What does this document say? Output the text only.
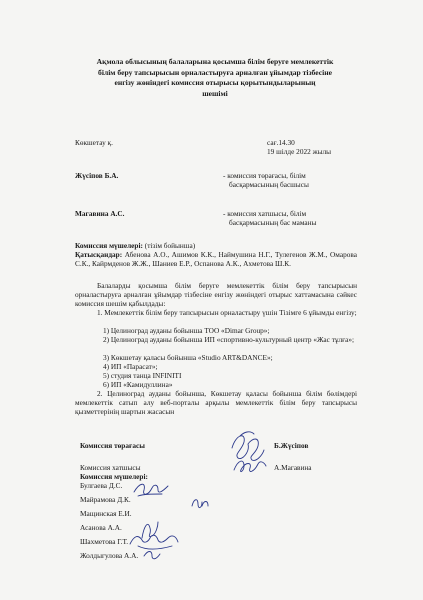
Ақмола облысының балаларына қосымша білім беруге мемлекеттік
білім беру тапсырысын орналастыруға арналған ұйымдар тізбесіне
енгізу жөніндегі комиссия отырысы қорытындыларының
шешімі
Көкшетау қ.	сағ.14.30
19 шілде 2022 жылы
Жүсіпов Б.А.	- комиссия төрағасы, білім
басқармасының басшысы
Магавина А.С.	- комиссия хатшысы, білім
басқармасының бас маманы
Комиссия мүшелері: (тізім бойынша)
Қатысқандар: Абенова А.О., Ашимов К.К., Наймушина Н.Г., Тулегенов Ж.М., Омарова С.К., Кайрмденов Ж.Ж., Шаниев Е.Р., Оспанова А.К., Ахметова Ш.К.
Балаларды қосымша білім беруге мемлекеттік білім беру тапсырысын орналастыруға арналған ұйымдар тізбесіне енгізу жөніндегі отырыс хаттамасына сәйкес комиссия шешім қабылдады:
1. Мемлекеттік білім беру тапсырысын орналастыру үшін Тізімге 6 ұйымды енгізу;
1) Целиноград ауданы бойынша ТОО «Dimar Group»;
2) Целиноград ауданы бойынша ИП «спортивно-культурный центр «Жас тұлға»;
3) Көкшетау қаласы бойынша «Studio ART&DANCE»;
4) ИП «Парасат»;
5) студия танца INFINITI
6) ИП «Камидуллина»
2. Целиноград ауданы бойынша, Көкшетау қаласы бойынша білім бөлімдері мемлекеттік сатып алу веб-порталы арқылы мемлекеттік білім беру тапсырысы қызметтерінің шартын жасасын
Комиссия төрағасы	Б.Жүсіпов
Комиссия хатшысы	А.Магавина
Комиссия мүшелері:
Булгаева Д.С.
Майрамова Д.К.
Мащинская Е.И.
Асанова А.А.
Шахметова Г.Т.
Жолдыгулова А.А.
